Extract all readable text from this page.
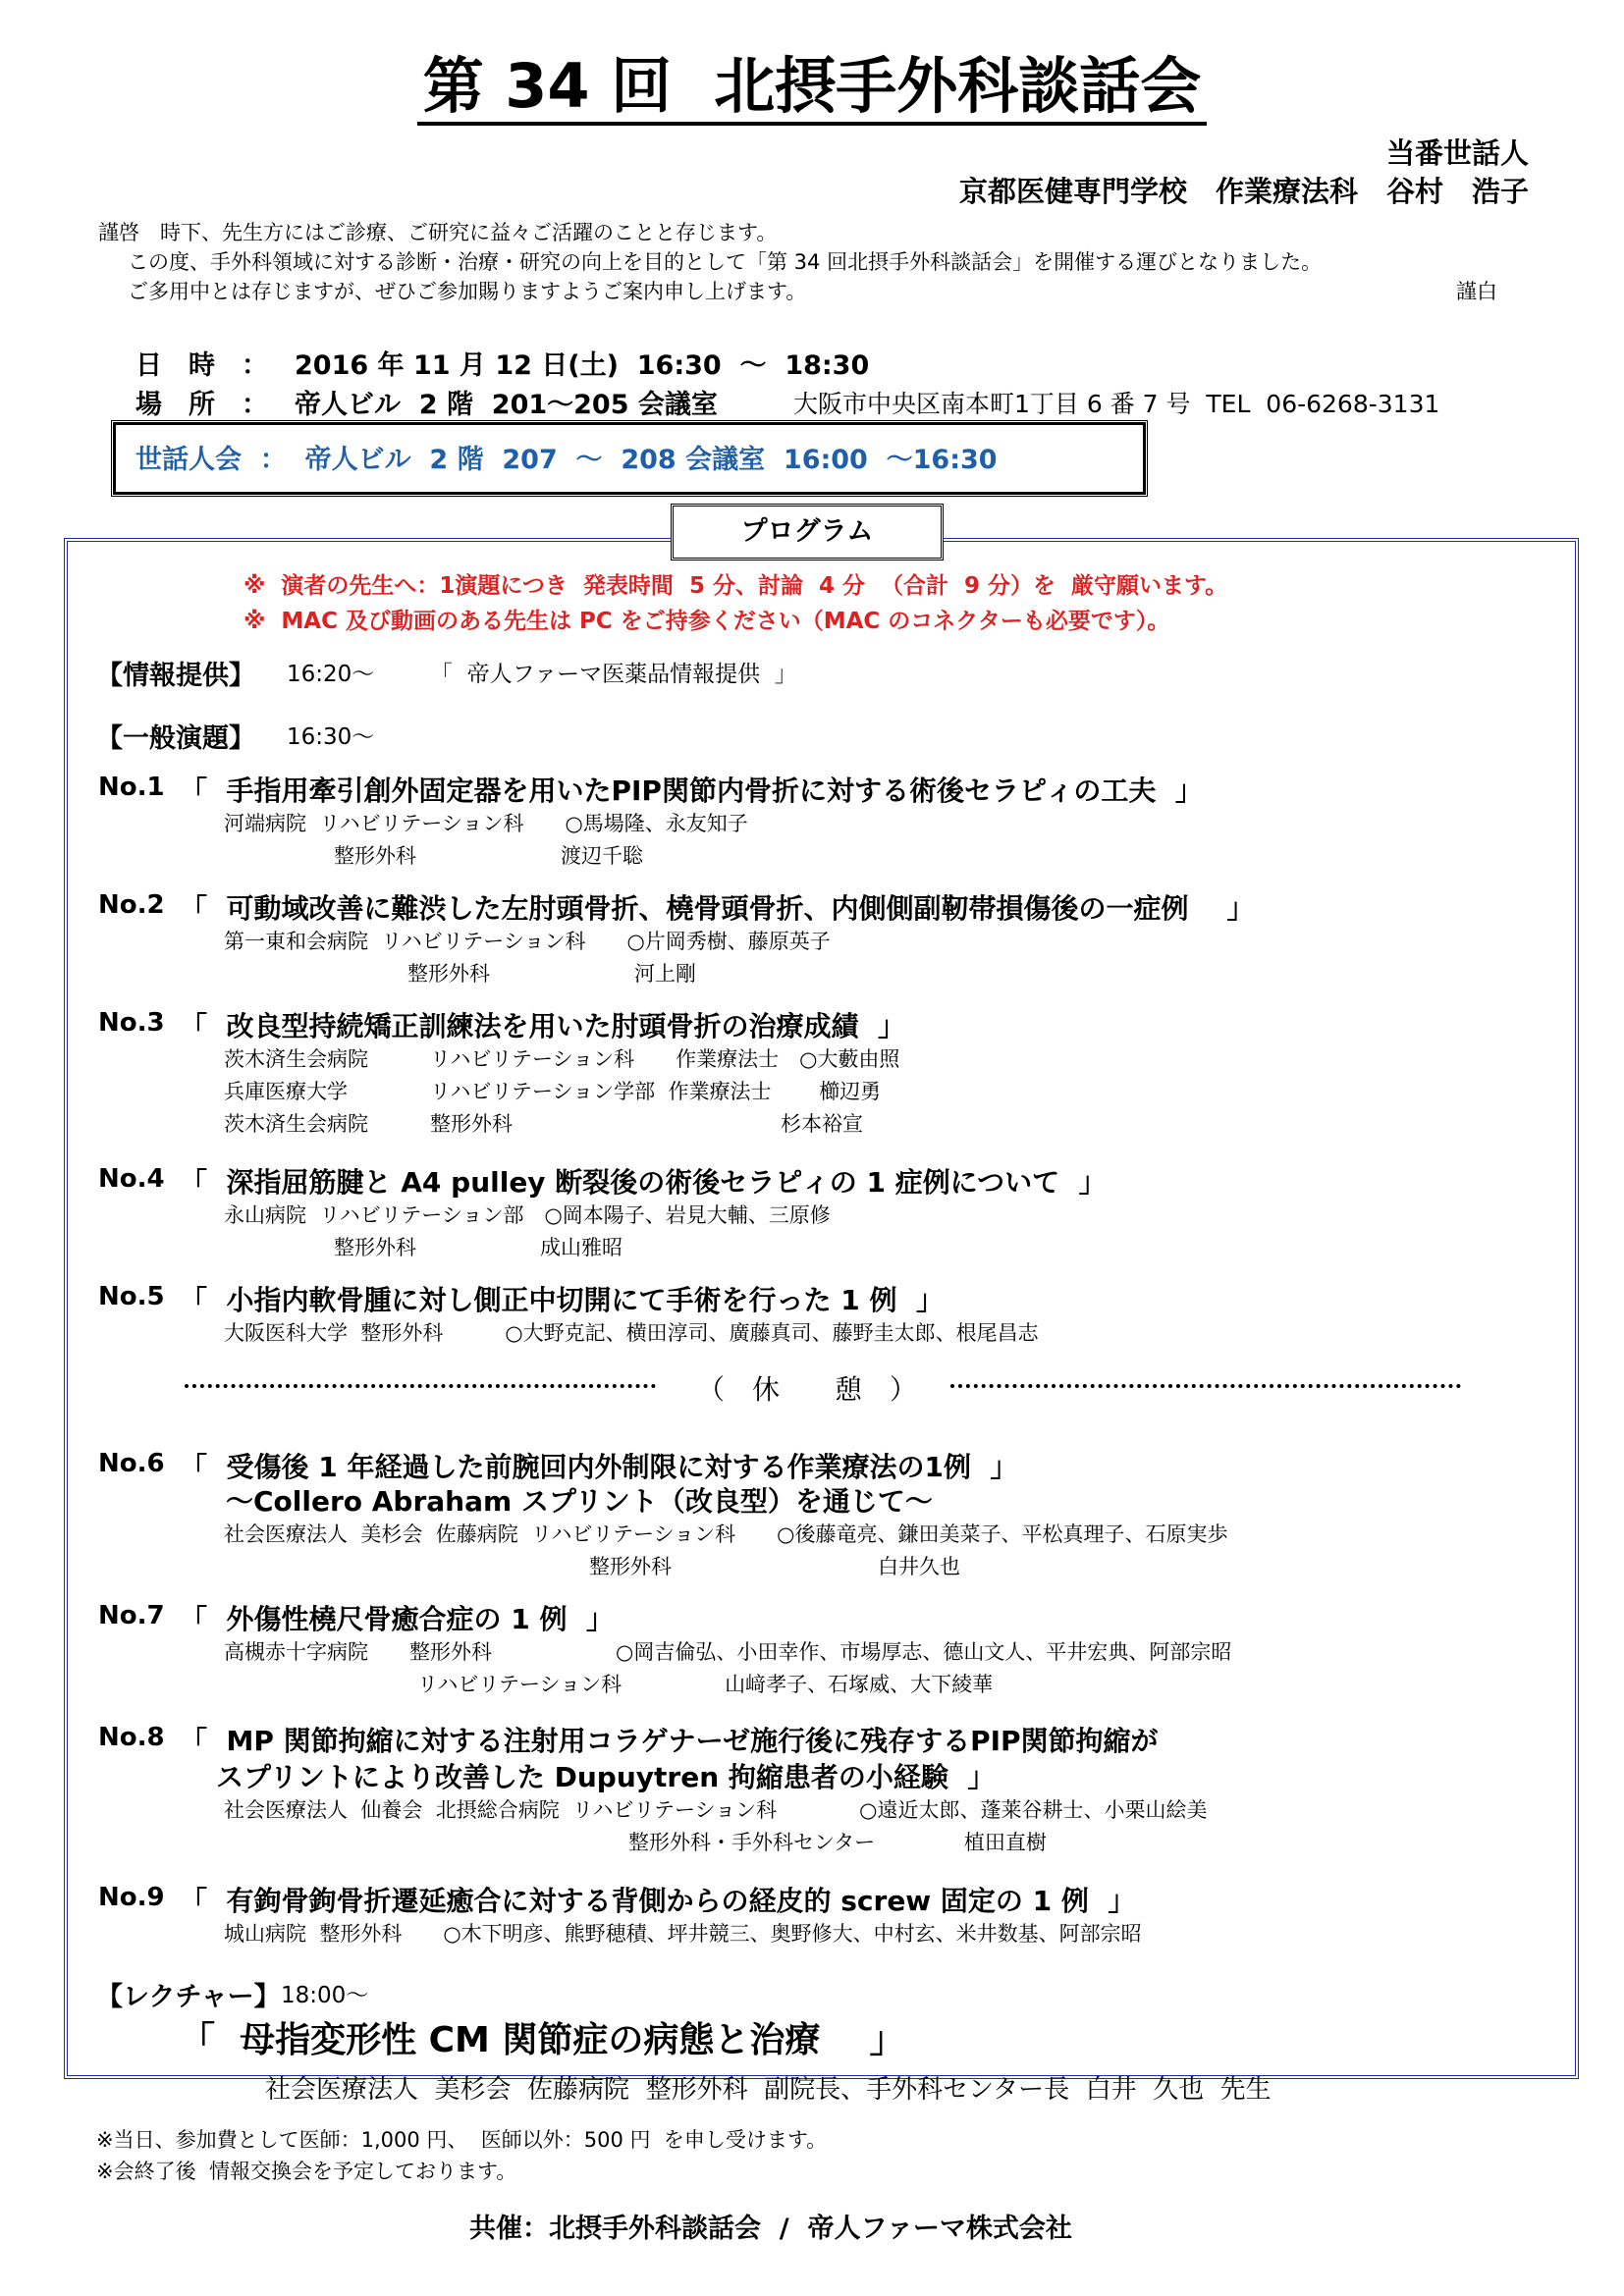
第 34 回  北摂手外科談話会
当番世話人
京都医健専門学校　作業療法科　谷村　浩子
謹啓　時下、先生方にはご診療、ご研究に益々ご活躍のことと存じます。
この度、手外科領域に対する診断・治療・研究の向上を目的として「第 34 回北摂手外科談話会」を開催する運びとなりました。
ご多用中とは存じますが、ぜひご参加賜りますようご案内申し上げます。	謹白
日　時　： 2016 年 11 月 12 日(土)  16:30  ～  18:30
場　所　： 帝人ビル  2 階  201～205 会議室	大阪市中央区南本町1丁目 6 番 7 号  TEL  06-6268-3131
世話人会  ：  帝人ビル  2 階  207  ～  208 会議室  16:00  ～16:30
プログラム
※  演者の先生へ：1演題につき  発表時間  5 分、討論  4 分  （合計  9 分）を  厳守願います。
※  MAC 及び動画のある先生は PC をご持参ください（MAC のコネクターも必要です）。
【情報提供】 16:20～ 「  帝人ファーマ医薬品情報提供  」
【一般演題】 16:30～
No.1 「  手指用牽引創外固定器を用いたPIP関節内骨折に対する術後セラピィの工夫  」
河端病院  リハビリテーション科　　○馬場隆、永友知子
整形外科　　　　　　　渡辺千聡
No.2 「  可動域改善に難渋した左肘頭骨折、橈骨頭骨折、内側側副靭帯損傷後の一症例    」
第一東和会病院  リハビリテーション科　　○片岡秀樹、藤原英子
整形外科　　　　　　　河上剛
No.3 「  改良型持続矯正訓練法を用いた肘頭骨折の治療成績  」
茨木済生会病院　　　リハビリテーション科　　作業療法士　○大藪由照
兵庫医療大学　　　　リハビリテーション学部  作業療法士　　 櫛辺勇
茨木済生会病院　　　整形外科　　　　　　　　　　　　　杉本裕宣
No.4 「  深指屈筋腱と A4 pulley 断裂後の術後セラピィの 1 症例について  」
永山病院  リハビリテーション部　○岡本陽子、岩見大輔、三原修
整形外科　　　　　　成山雅昭
No.5 「  小指内軟骨腫に対し側正中切開にて手術を行った 1 例  」
大阪医科大学  整形外科　　　○大野克記、横田淳司、廣藤真司、藤野圭太郎、根尾昌志
（　休　　憩　）
No.6 「  受傷後 1 年経過した前腕回内外制限に対する作業療法の1例  」
～Collero Abraham スプリント（改良型）を通じて～
社会医療法人  美杉会  佐藤病院  リハビリテーション科　　○後藤竜亮、鎌田美菜子、平松真理子、石原実歩
整形外科　　　　　　　　　　白井久也
No.7 「  外傷性橈尺骨癒合症の 1 例  」
高槻赤十字病院　　整形外科　　　　　　○岡吉倫弘、小田幸作、市場厚志、德山文人、平井宏典、阿部宗昭
リハビリテーション科　　　　　山﨑孝子、石塚威、大下綾華
No.8 「  MP 関節拘縮に対する注射用コラゲナーゼ施行後に残存するPIP関節拘縮が
スプリントにより改善した Dupuytren 拘縮患者の小経験  」
社会医療法人  仙養会  北摂総合病院  リハビリテーション科　　　　○遠近太郎、蓬莱谷耕士、小栗山絵美
整形外科・手外科センター　　　　 植田直樹
No.9 「  有鉤骨鉤骨折遷延癒合に対する背側からの経皮的 screw 固定の 1 例  」
城山病院  整形外科　　○木下明彦、熊野穂積、坪井競三、奥野修大、中村玄、米井数基、阿部宗昭
【レクチャー】 18:00～
「  母指変形性 CM 関節症の病態と治療    」
社会医療法人  美杉会  佐藤病院  整形外科  副院長、手外科センター長  白井  久也  先生
※当日、参加費として医師：1,000 円、  医師以外：500 円  を申し受けます。
※会終了後  情報交換会を予定しております。
共催：北摂手外科談話会  /  帝人ファーマ株式会社
